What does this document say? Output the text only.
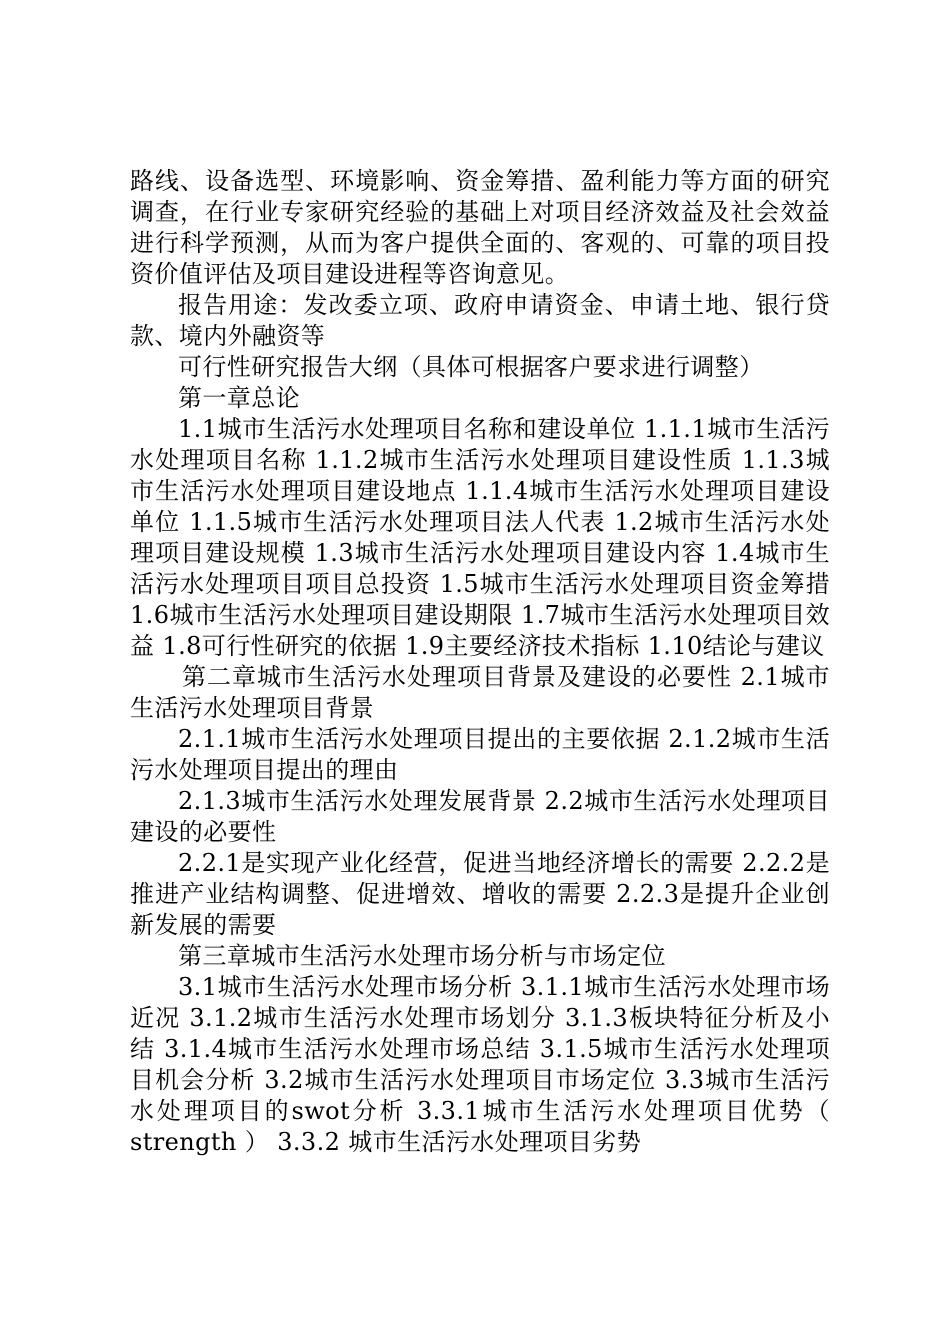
路线、设备选型、环境影响、资金筹措、盈利能力等方面的研究调查，在行业专家研究经验的基础上对项目经济效益及社会效益进行科学预测，从而为客户提供全面的、客观的、可靠的项目投资价值评估及项目建设进程等咨询意见。

报告用途：发改委立项、政府申请资金、申请土地、银行贷款、境内外融资等

可行性研究报告大纲（具体可根据客户要求进行调整）

第一章总论

1.1城市生活污水处理项目名称和建设单位 1.1.1城市生活污水处理项目名称 1.1.2城市生活污水处理项目建设性质 1.1.3城市生活污水处理项目建设地点 1.1.4城市生活污水处理项目建设单位 1.1.5城市生活污水处理项目法人代表 1.2城市生活污水处理项目建设规模 1.3城市生活污水处理项目建设内容 1.4城市生活污水处理项目项目总投资 1.5城市生活污水处理项目资金筹措 1.6城市生活污水处理项目建设期限 1.7城市生活污水处理项目效益 1.8可行性研究的依据 1.9主要经济技术指标 1.10结论与建议

第二章城市生活污水处理项目背景及建设的必要性 2.1城市生活污水处理项目背景

2.1.1城市生活污水处理项目提出的主要依据 2.1.2城市生活污水处理项目提出的理由

2.1.3城市生活污水处理发展背景 2.2城市生活污水处理项目建设的必要性

2.2.1是实现产业化经营，促进当地经济增长的需要 2.2.2是推进产业结构调整、促进增效、增收的需要 2.2.3是提升企业创新发展的需要

第三章城市生活污水处理市场分析与市场定位

3.1城市生活污水处理市场分析 3.1.1城市生活污水处理市场近况 3.1.2城市生活污水处理市场划分 3.1.3板块特征分析及小结 3.1.4城市生活污水处理市场总结 3.1.5城市生活污水处理项目机会分析 3.2城市生活污水处理项目市场定位 3.3城市生活污水处理项目的swot分析 3.3.1城市生活污水处理项目优势（ strength ） 3.3.2 城市生活污水处理项目劣势
